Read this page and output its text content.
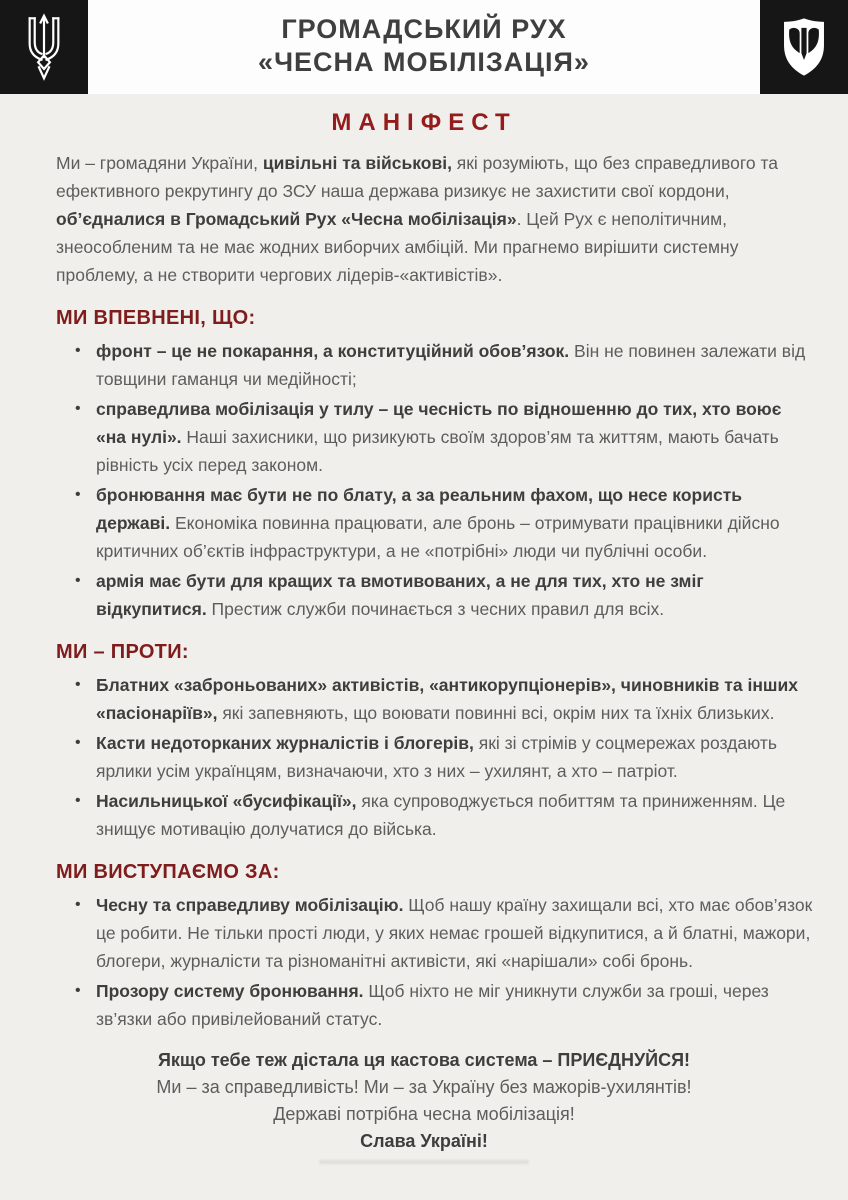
ГРОМАДСЬКИЙ РУХ
«ЧЕСНА МОБІЛІЗАЦІЯ»
МАНІФЕСТ

Ми – громадяни України, цивільні та військові, які розуміють, що без справедливого та ефективного рекрутингу до ЗСУ наша держава ризикує не захистити свої кордони, об’єдналися в Громадський Рух «Чесна мобілізація». Цей Рух є неполітичним, знеособленим та не має жодних виборчих амбіцій. Ми прагнемо вирішити системну проблему, а не створити чергових лідерів-«активістів».

МИ ВПЕВНЕНІ, ЩО:
• фронт – це не покарання, а конституційний обов’язок. Він не повинен залежати від товщини гаманця чи медійності;
• справедлива мобілізація у тилу – це чесність по відношенню до тих, хто воює «на нулі». Наші захисники, що ризикують своїм здоров’ям та життям, мають бачать рівність усіх перед законом.
• бронювання має бути не по блату, а за реальним фахом, що несе користь державі. Економіка повинна працювати, але бронь – отримувати працівники дійсно критичних об’єктів інфраструктури, а не «потрібні» люди чи публічні особи.
• армія має бути для кращих та вмотивованих, а не для тих, хто не зміг відкупитися. Престиж служби починається з чесних правил для всіх.
МИ – ПРОТИ:
• Блатних «заброньованих» активістів, «антикорупціонерів», чиновників та інших «пасіонаріїв», які запевняють, що воювати повинні всі, окрім них та їхніх близьких.
• Касти недоторканих журналістів і блогерів, які зі стрімів у соцмережах роздають ярлики усім українцям, визначаючи, хто з них – ухилянт, а хто – патріот.
• Насильницької «бусифікації», яка супроводжується побиттям та приниженням. Це знищує мотивацію долучатися до війська.
МИ ВИСТУПАЄМО ЗА:
• Чесну та справедливу мобілізацію. Щоб нашу країну захищали всі, хто має обов’язок це робити. Не тільки прості люди, у яких немає грошей відкупитися, а й блатні, мажори, блогери, журналісти та різноманітні активісти, які «нарішали» собі бронь.
• Прозору систему бронювання. Щоб ніхто не міг уникнути служби за гроші, через зв’язки або привілейований статус.
Якщо тебе теж дістала ця кастова система – ПРИЄДНУЙСЯ!
Ми – за справедливість! Ми – за Україну без мажорів-ухилянтів!
Державі потрібна чесна мобілізація!
Слава Україні!
